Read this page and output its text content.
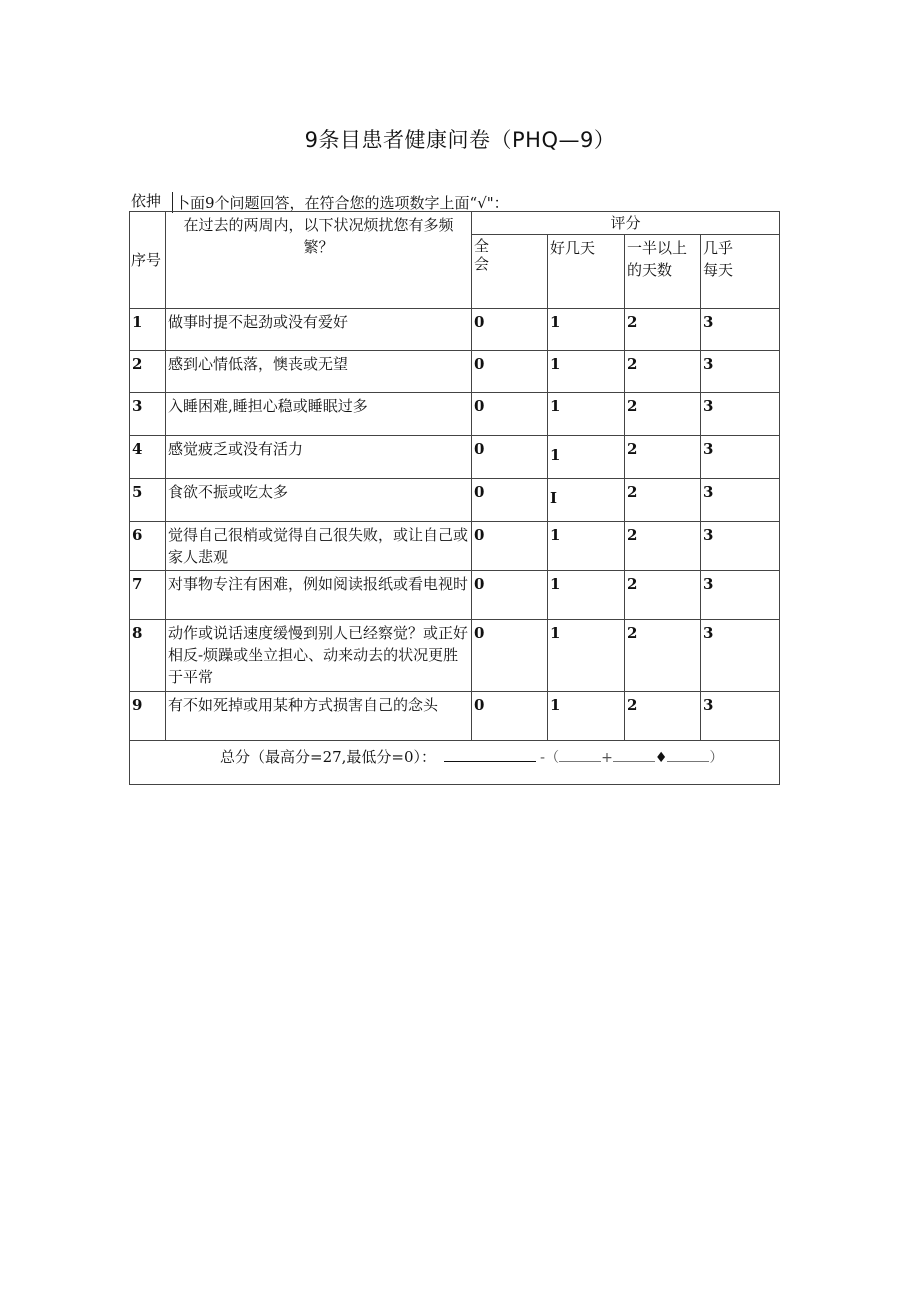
9条目患者健康问卷（PHQ—9）
依抻 卜面9个问题回答，在符合您的选项数字上面“√"：
序号	在过去的两周内，以下状况烦扰您有多频繁？	评分			
		全会	好几天	一半以上的天数	几乎每天
1	做事时提不起劲或没有爱好	0	1	2	3
2	感到心情低落，懊丧或无望	0	1	2	3
3	入睡困难,睡担心稳或睡眠过多	0	1	2	3
4	感觉疲乏或没有活力	0	1	2	3
5	食欲不振或吃太多	0	I	2	3
6	觉得自己很梢或觉得自己很失败，或让自己或家人悲观	0	1	2	3
7	对事物专注有困难，例如阅读报纸或看电视时	0	1	2	3
8	动作或说话速度缓慢到别人已经察觉？或正好相反-烦躁或坐立担心、动来动去的状况更胜于平常	0	1	2	3
9	有不如死掉或用某种方式损害自己的念头	0	1	2	3

总分（最高分=27,最低分=0）： -（ + ♦ ）					
